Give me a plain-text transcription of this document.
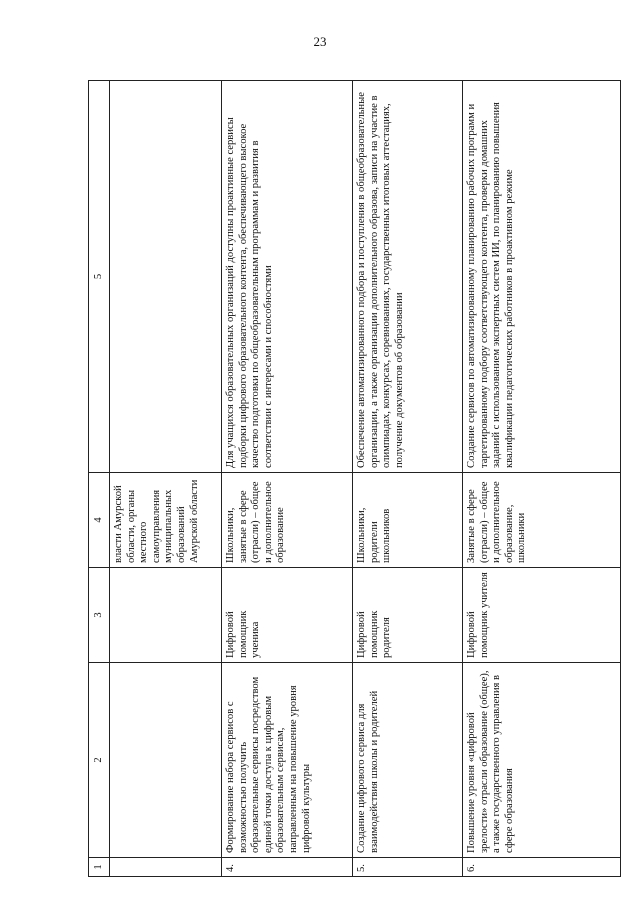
23
1	2	3	4	5
			власти Амурской области, органы местного самоуправления муниципальных образований Амурской области	
4.	Формирование набора сервисов с возможностью получить образовательные сервисы посредством единой точки доступа к цифровым образовательным сервисам, направленным на повышение уровня цифровой культуры	Цифровой помощник ученика	Школьники, занятые в сфере (отрасли) – общее и дополнительное образование	Для учащихся образовательных организаций доступны проактивные сервисы подборки цифрового образовательного контента, обеспечивающего высокое качество подготовки по общеобразовательным программам и развития в соответствии с интересами и способностями
5.	Создание цифрового сервиса для взаимодействия школы и родителей	Цифровой помощник родителя	Школьники, родители школьников	Обеспечение автоматизированного подбора и поступления в общеобразовательные организации, а также организации дополнительного образова, записи на участие в олимпиадах, конкурсах, соревнованиях, государственных итоговых аттестациях, получение документов об образовании
6.	Повышение уровня «цифровой зрелости» отрасли образование (общее), а также государственного управления в сфере образования	Цифровой помощник учителя	Занятые в сфере (отрасли) – общее и дополнительное образование, школьники	Создание сервисов по автоматизированному планированию рабочих программ и таргетированному подбору соответствующего контента, проверки домашних заданий с использованием экспертных систем ИИ, по планированию повышения квалификации педагогических работников в проактивном режиме
